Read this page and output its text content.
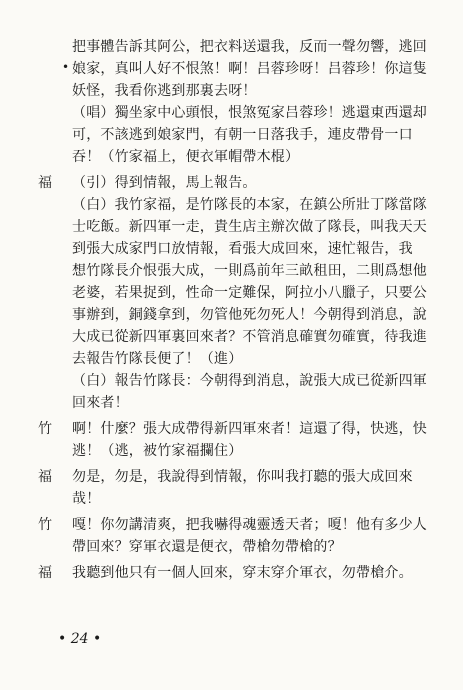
•
把事體告訴其阿公，把衣料送還我，反而一聲勿響，逃回
娘家，真叫人好不恨煞！啊！吕蓉珍呀！吕蓉珍！你這隻
妖怪，我看你逃到那裏去呀！
（唱）獨坐家中心頭恨，恨煞冤家吕蓉珍！逃還東西還却
可，不該逃到娘家門，有朝一日落我手，連皮帶骨一口
吞！（竹家福上，便衣軍帽帶木棍）
福	（引）得到情報，馬上報告。
（白）我竹家福，是竹隊長的本家，在鎮公所壯丁隊當隊
士吃飯。新四軍一走，貴生店主辦次做了隊長，叫我天天
到張大成家門口放情報，看張大成回來，速忙報告，我
想竹隊長介恨張大成，一則爲前年三畝租田，二則爲想他
老婆，若果捉到，性命一定難保，阿拉小八臘子，只要公
事辦到，銅錢拿到，勿管他死勿死人！今朝得到消息，說
大成已從新四軍裏回來者？不管消息確實勿確實，待我進
去報告竹隊長便了！（進）
（白）報告竹隊長：今朝得到消息，說張大成已從新四軍
回來者！
竹	啊！什麼？張大成帶得新四軍來者！這還了得，快逃，快
逃！（逃，被竹家福攔住）
福	勿是，勿是，我說得到情報，你叫我打聽的張大成回來
哉！
竹	嘎！你勿講清爽，把我嚇得魂靈透天者；嗄！他有多少人
帶回來？穿軍衣還是便衣，帶槍勿帶槍的？
福	我聽到他只有一個人回來，穿末穿介軍衣，勿帶槍介。
• 24 •
